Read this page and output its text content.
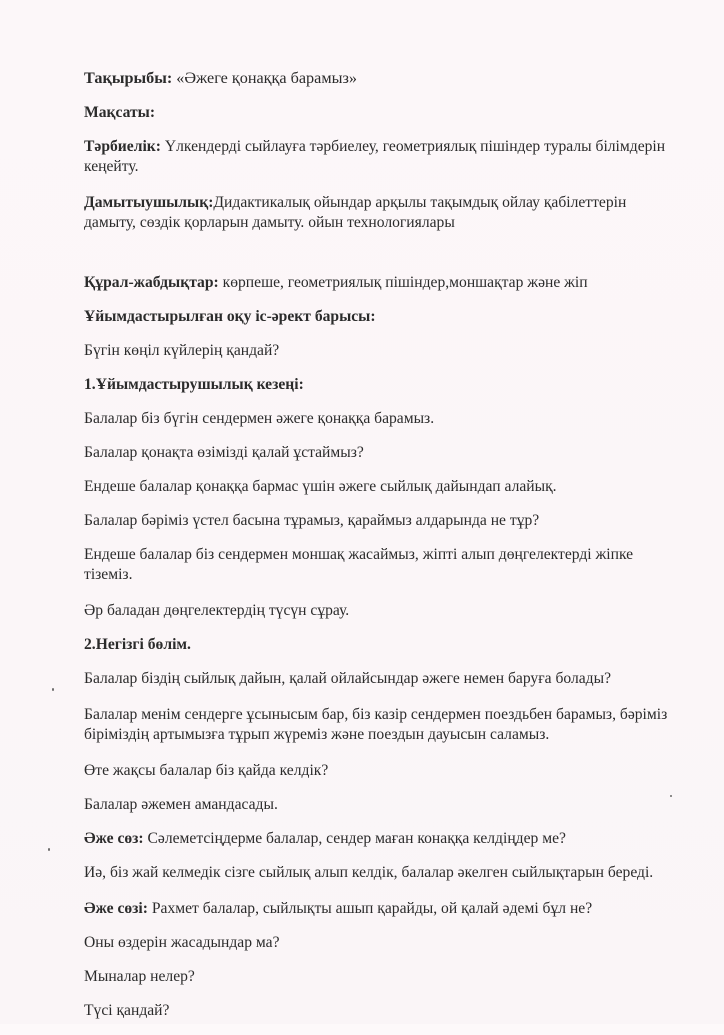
Тақырыбы: «Әжеге қонаққа барамыз»

Мақсаты:

Тәрбиелік: Үлкендерді сыйлауға тәрбиелеу, геометриялық пішіндер туралы білімдерін кеңейту.

Дамытыушылық:Дидактикалық ойындар арқылы тақымдық ойлау қабілеттерін дамыту, сөздік қорларын дамыту. ойын технологиялары

Құрал-жабдықтар: көрпеше, геометриялық пішіндер,моншақтар және жіп

Ұйымдастырылған оқу іс-әрект барысы:

Бүгін көңіл күйлерің қандай?

1.Ұйымдастырушылық кезеңі:

Балалар біз бүгін сендермен әжеге қонаққа барамыз.

Балалар қонақта өзімізді қалай ұстаймыз?

Ендеше балалар қонаққа бармас үшін әжеге сыйлық дайындап алайық.

Балалар бәріміз үстел басына тұрамыз, қараймыз алдарында не тұр?

Ендеше балалар біз сендермен моншақ жасаймыз, жіпті алып дөңгелектерді жіпке тіземіз.

Әр баладан дөңгелектердің түсүн сұрау.

2.Негізгі бөлім.

Балалар біздің сыйлық дайын, қалай ойлайсындар әжеге немен баруға болады?

Балалар менім сендерге ұсынысым бар, біз казір сендермен поездьбен барамыз, бәріміз біріміздің артымызға тұрып жүреміз және поездын дауысын саламыз.

Өте жақсы балалар біз қайда келдік?

Балалар әжемен амандасады.

Әже сөз: Сәлеметсіңдерме балалар, сендер маған конаққа келдіңдер ме?

Иә, біз жай келмедік сізге сыйлық алып келдік, балалар әкелген сыйлықтарын береді.

Әже сөзі: Рахмет балалар, сыйлықты ашып қарайды, ой қалай әдемі бұл не?

Оны өздерін жасадындар ма?

Мыналар нелер?

Түсі қандай?
